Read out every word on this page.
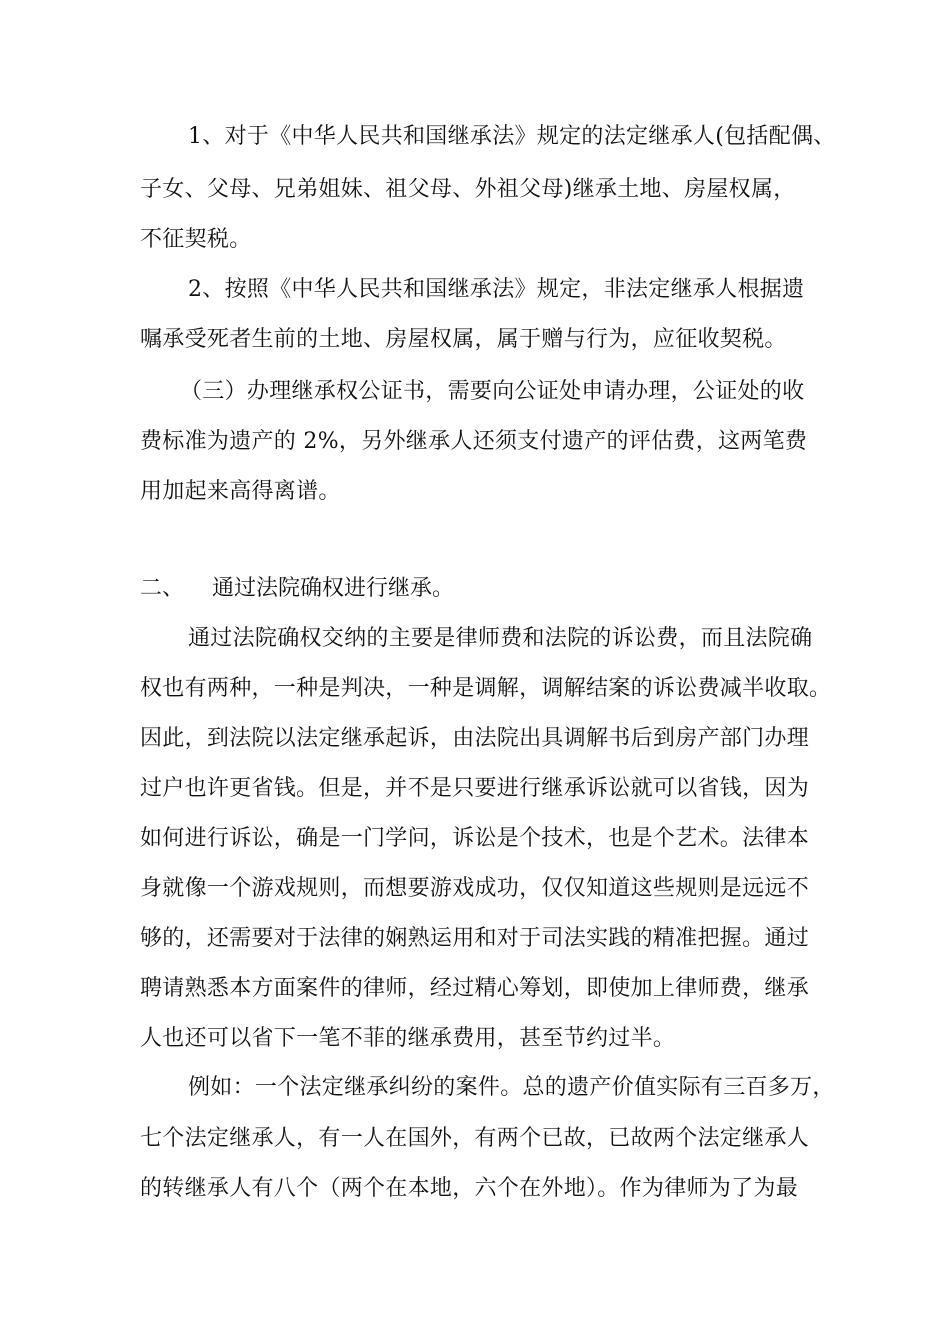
1、对于《中华人民共和国继承法》规定的法定继承人(包括配偶、
子女、父母、兄弟姐妹、祖父母、外祖父母)继承土地、房屋权属，
不征契税。
2、按照《中华人民共和国继承法》规定，非法定继承人根据遗
嘱承受死者生前的土地、房屋权属，属于赠与行为，应征收契税。
（三）办理继承权公证书，需要向公证处申请办理，公证处的收
费标准为遗产的 2%，另外继承人还须支付遗产的评估费，这两笔费
用加起来高得离谱。
二、 通过法院确权进行继承。
通过法院确权交纳的主要是律师费和法院的诉讼费，而且法院确
权也有两种，一种是判决，一种是调解，调解结案的诉讼费减半收取。
因此，到法院以法定继承起诉，由法院出具调解书后到房产部门办理
过户也许更省钱。但是，并不是只要进行继承诉讼就可以省钱，因为
如何进行诉讼，确是一门学问，诉讼是个技术，也是个艺术。法律本
身就像一个游戏规则，而想要游戏成功，仅仅知道这些规则是远远不
够的，还需要对于法律的娴熟运用和对于司法实践的精准把握。通过
聘请熟悉本方面案件的律师，经过精心筹划，即使加上律师费，继承
人也还可以省下一笔不菲的继承费用，甚至节约过半。
例如：一个法定继承纠纷的案件。总的遗产价值实际有三百多万，
七个法定继承人，有一人在国外，有两个已故，已故两个法定继承人
的转继承人有八个（两个在本地，六个在外地）。作为律师为了为最
